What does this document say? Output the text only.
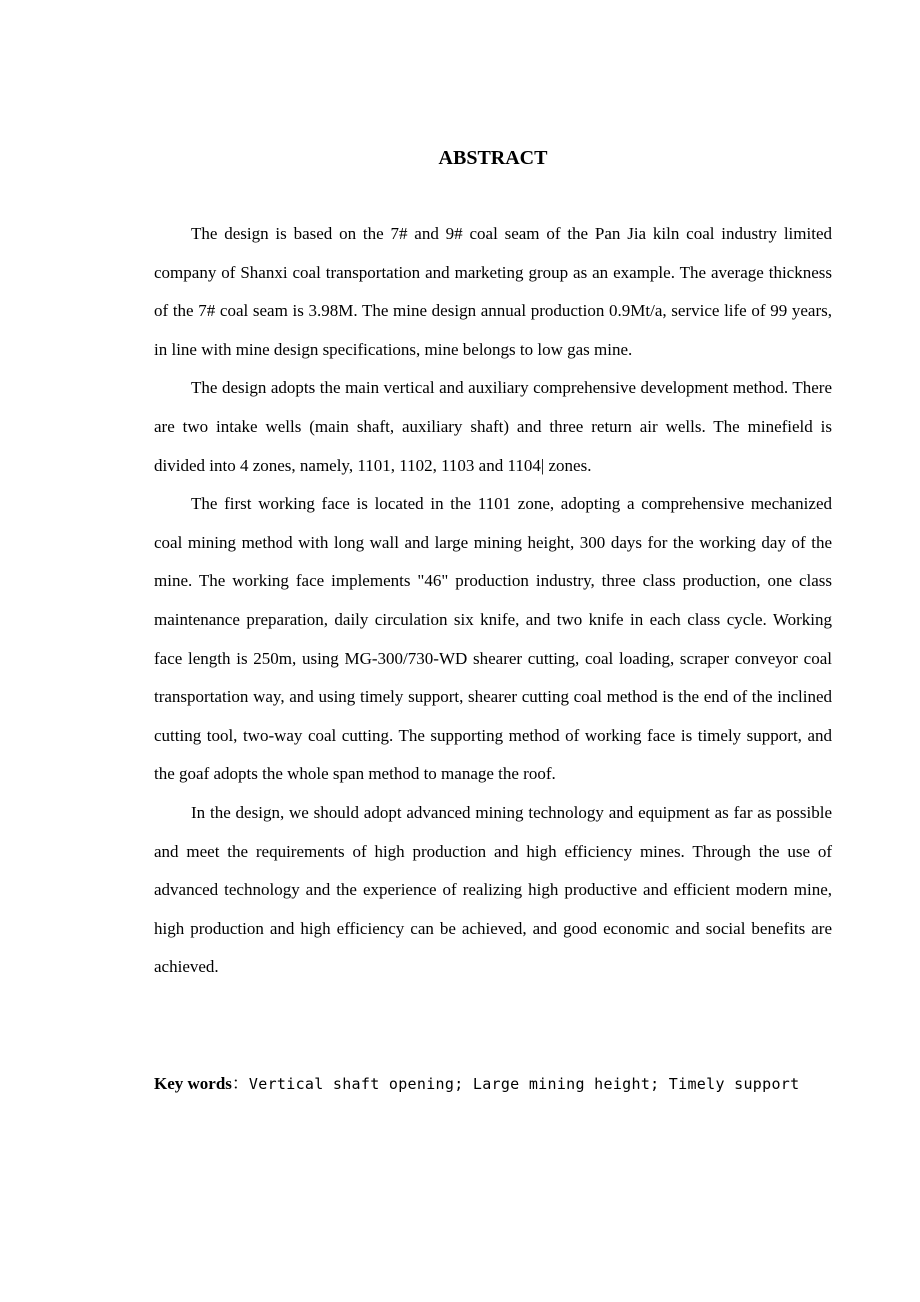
ABSTRACT

The design is based on the 7# and 9# coal seam of the Pan Jia kiln coal industry limited company of Shanxi coal transportation and marketing group as an example. The average thickness of the 7# coal seam is 3.98M. The mine design annual production 0.9Mt/a, service life of 99 years, in line with mine design specifications, mine belongs to low gas mine.

The design adopts the main vertical and auxiliary comprehensive development method. There are two intake wells (main shaft, auxiliary shaft) and three return air wells. The minefield is divided into 4 zones, namely, 1101, 1102, 1103 and 1104| zones.

The first working face is located in the 1101 zone, adopting a comprehensive mechanized coal mining method with long wall and large mining height, 300 days for the working day of the mine. The working face implements "46" production industry, three class production, one class maintenance preparation, daily circulation six knife, and two knife in each class cycle. Working face length is 250m, using MG-300/730-WD shearer cutting, coal loading, scraper conveyor coal transportation way, and using timely support, shearer cutting coal method is the end of the inclined cutting tool, two-way coal cutting. The supporting method of working face is timely support, and the goaf adopts the whole span method to manage the roof.

In the design, we should adopt advanced mining technology and equipment as far as possible and meet the requirements of high production and high efficiency mines. Through the use of advanced technology and the experience of realizing high productive and efficient modern mine, high production and high efficiency can be achieved, and good economic and social benefits are achieved.

Key words：Vertical shaft opening; Large mining height; Timely support
